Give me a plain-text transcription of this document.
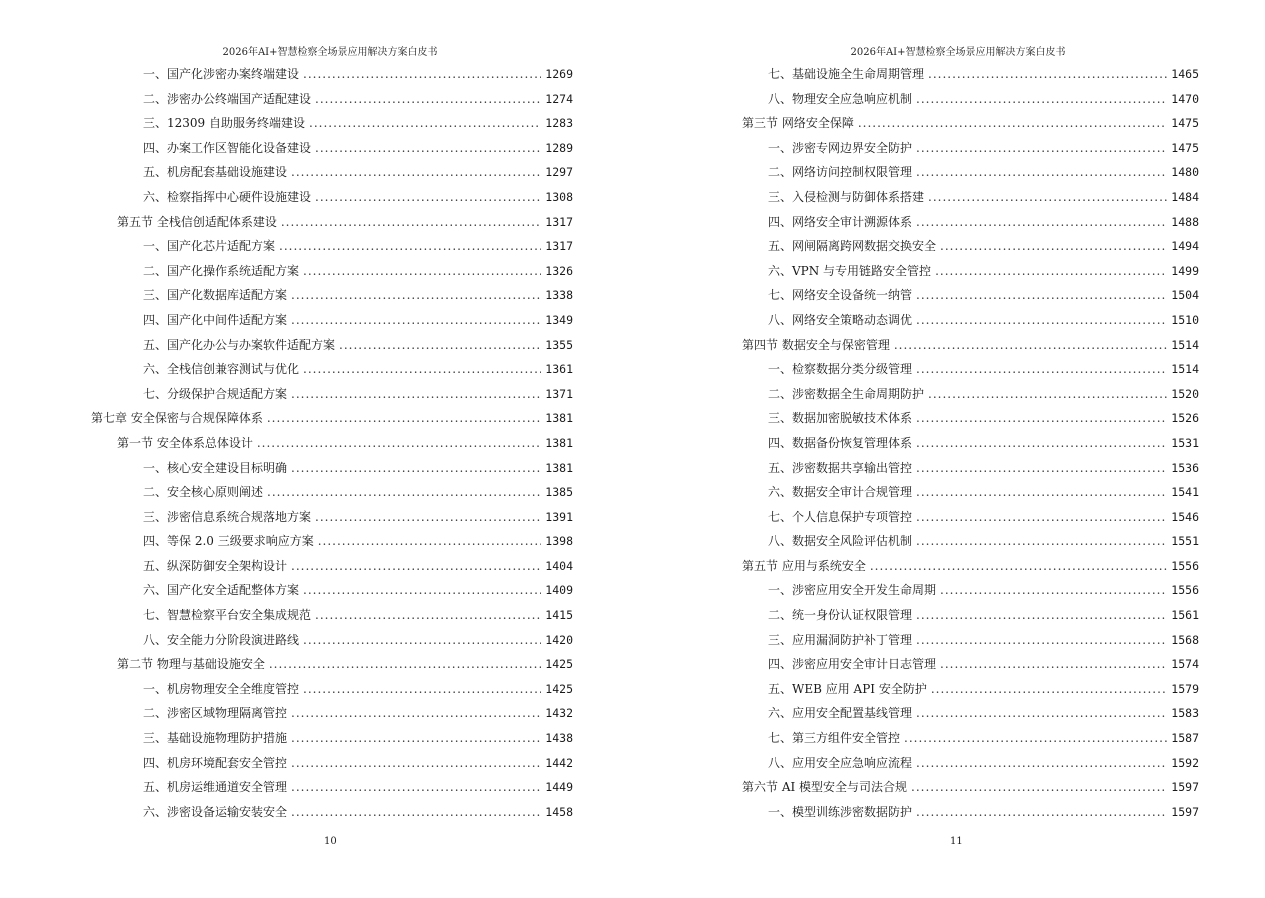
2026年AI+智慧检察全场景应用解决方案白皮书
一、国产化涉密办案终端建设 .....	1269
二、涉密办公终端国产适配建设 .....	1274
三、12309 自助服务终端建设 .....	1283
四、办案工作区智能化设备建设 .....	1289
五、机房配套基础设施建设 .....	1297
六、检察指挥中心硬件设施建设 .....	1308
第五节 全栈信创适配体系建设 .....	1317
一、国产化芯片适配方案 .....	1317
二、国产化操作系统适配方案 .....	1326
三、国产化数据库适配方案 .....	1338
四、国产化中间件适配方案 .....	1349
五、国产化办公与办案软件适配方案 .....	1355
六、全栈信创兼容测试与优化 .....	1361
七、分级保护合规适配方案 .....	1371
第七章 安全保密与合规保障体系 .....	1381
第一节 安全体系总体设计 .....	1381
一、核心安全建设目标明确 .....	1381
二、安全核心原则阐述 .....	1385
三、涉密信息系统合规落地方案 .....	1391
四、等保 2.0 三级要求响应方案 .....	1398
五、纵深防御安全架构设计 .....	1404
六、国产化安全适配整体方案 .....	1409
七、智慧检察平台安全集成规范 .....	1415
八、安全能力分阶段演进路线 .....	1420
第二节 物理与基础设施安全 .....	1425
一、机房物理安全全维度管控 .....	1425
二、涉密区域物理隔离管控 .....	1432
三、基础设施物理防护措施 .....	1438
四、机房环境配套安全管控 .....	1442
五、机房运维通道安全管理 .....	1449
六、涉密设备运输安装安全 .....	1458
10
2026年AI+智慧检察全场景应用解决方案白皮书
七、基础设施全生命周期管理 .....	1465
八、物理安全应急响应机制 .....	1470
第三节 网络安全保障 .....	1475
一、涉密专网边界安全防护 .....	1475
二、网络访问控制权限管理 .....	1480
三、入侵检测与防御体系搭建 .....	1484
四、网络安全审计溯源体系 .....	1488
五、网闸隔离跨网数据交换安全 .....	1494
六、VPN 与专用链路安全管控 .....	1499
七、网络安全设备统一纳管 .....	1504
八、网络安全策略动态调优 .....	1510
第四节 数据安全与保密管理 .....	1514
一、检察数据分类分级管理 .....	1514
二、涉密数据全生命周期防护 .....	1520
三、数据加密脱敏技术体系 .....	1526
四、数据备份恢复管理体系 .....	1531
五、涉密数据共享输出管控 .....	1536
六、数据安全审计合规管理 .....	1541
七、个人信息保护专项管控 .....	1546
八、数据安全风险评估机制 .....	1551
第五节 应用与系统安全 .....	1556
一、涉密应用安全开发生命周期 .....	1556
二、统一身份认证权限管理 .....	1561
三、应用漏洞防护补丁管理 .....	1568
四、涉密应用安全审计日志管理 .....	1574
五、WEB 应用 API 安全防护 .....	1579
六、应用安全配置基线管理 .....	1583
七、第三方组件安全管控 .....	1587
八、应用安全应急响应流程 .....	1592
第六节 AI 模型安全与司法合规 .....	1597
一、模型训练涉密数据防护 .....	1597
11
